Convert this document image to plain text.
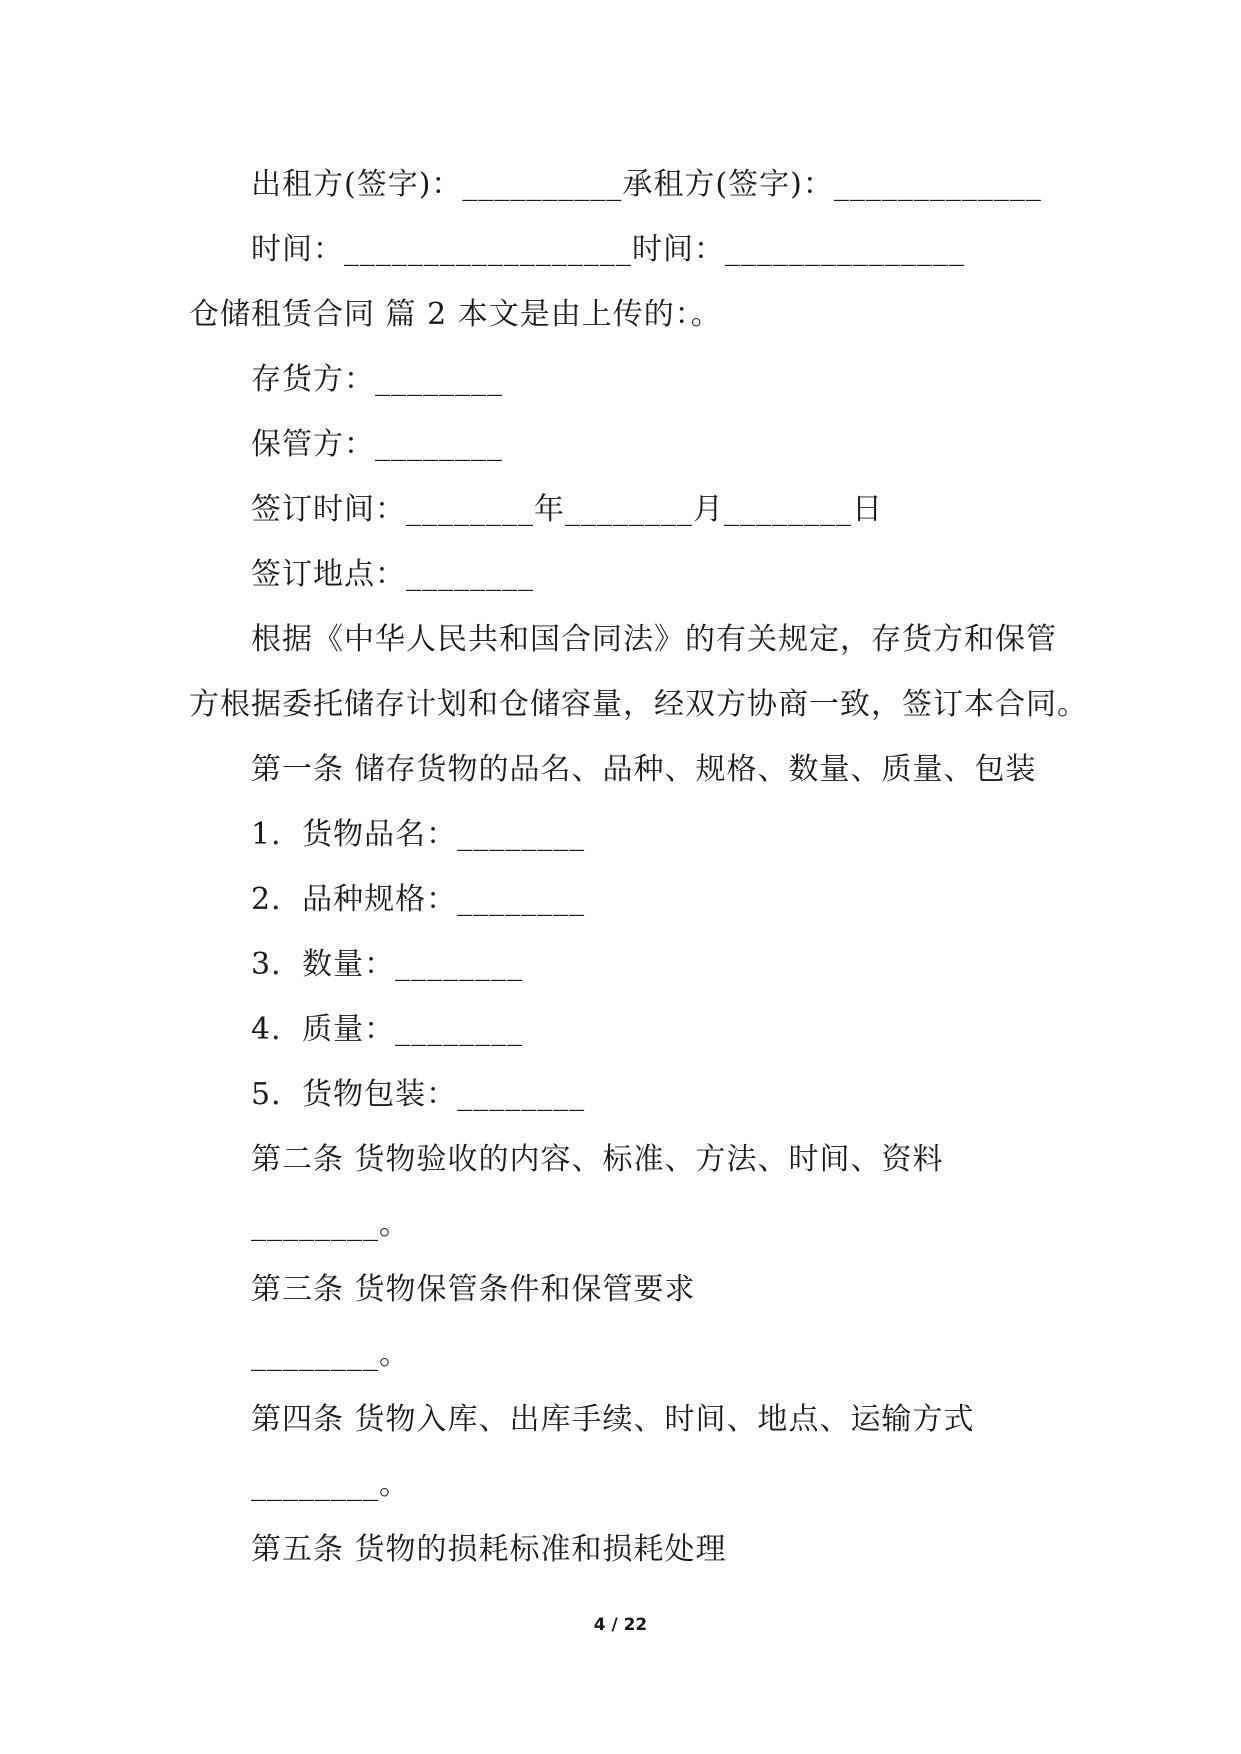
出租方(签字)：__________承租方(签字)：_____________
时间：__________________时间：_______________
仓储租赁合同 篇 2 本文是由上传的：。
存货方：________
保管方：________
签订时间：________年________月________日
签订地点：________
根据《中华人民共和国合同法》的有关规定，存货方和保管
方根据委托储存计划和仓储容量，经双方协商一致，签订本合同。
第一条 储存货物的品名、品种、规格、数量、质量、包装
1．货物品名：________
2．品种规格：________
3．数量：________
4．质量：________
5．货物包装：________
第二条 货物验收的内容、标准、方法、时间、资料
________。
第三条 货物保管条件和保管要求
________。
第四条 货物入库、出库手续、时间、地点、运输方式
________。
第五条 货物的损耗标准和损耗处理
4 / 22
